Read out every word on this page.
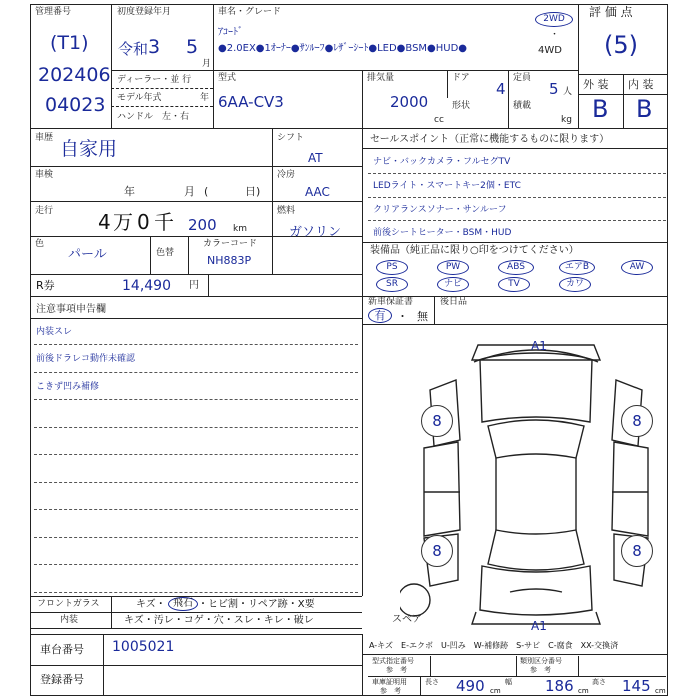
管理番号
(T1)
202406
04023
初度登録年月
令和 3 5
月
車名・グレード
ｱｺｰﾄﾞ
●2.0EX●1ｵｰﾅｰ●ｻﾝﾙｰﾌ●ﾚｻﾞｰｼｰﾄ●LED●BSM●HUD●
2WD
・
4WD
評 価 点
(5)
ディーラー・並 行
モデル年式	年
ハンドル　左・右
型式
6AA-CV3
排気量
2000
cc
ドア
4
形状
定員
5 人
積載
kg
外 装 内 装
B B
車歴 自家用	シフト
AT
車検
年	月 (	日)
冷房
AAC
走行 4 万 0 千 200 km
燃料
ガソリン
色
パール	色替
カラーコード
NH883P
R券	14,490 円
セールスポイント（正常に機能するものに限ります）
ナビ・バックカメラ・フルセグTV
LEDライト・スマートキー2個・ETC
クリアランスソナー・サンルーフ
前後シートヒーター・BSM・HUD
装備品（純正品に限り○印をつけてください）
PS	PW	ABS	エアB	AW
SR	ナビ	TV	カワ
新車保証書
有	・ 無
後日品
注意事項申告欄
内装スレ
前後ドラレコ動作未確認
こきず凹み補修
A1
A1
8	8
8	8
スペア
フロントガラス	キズ・ 飛石 ・ヒビ割・リペア跡・X要
内装	キズ・汚レ・コゲ・穴・スレ・キレ・破レ
車台番号 1005021
登録番号
A-キズ　E-エクボ　U-凹み　W-補修跡　S-サビ　C-腐食　XX-交換済
型式指定番号
参　考
類別区分番号
参　考
車庫証明用
参　考
長さ 490 cm
幅 186 cm
高さ 145 cm
